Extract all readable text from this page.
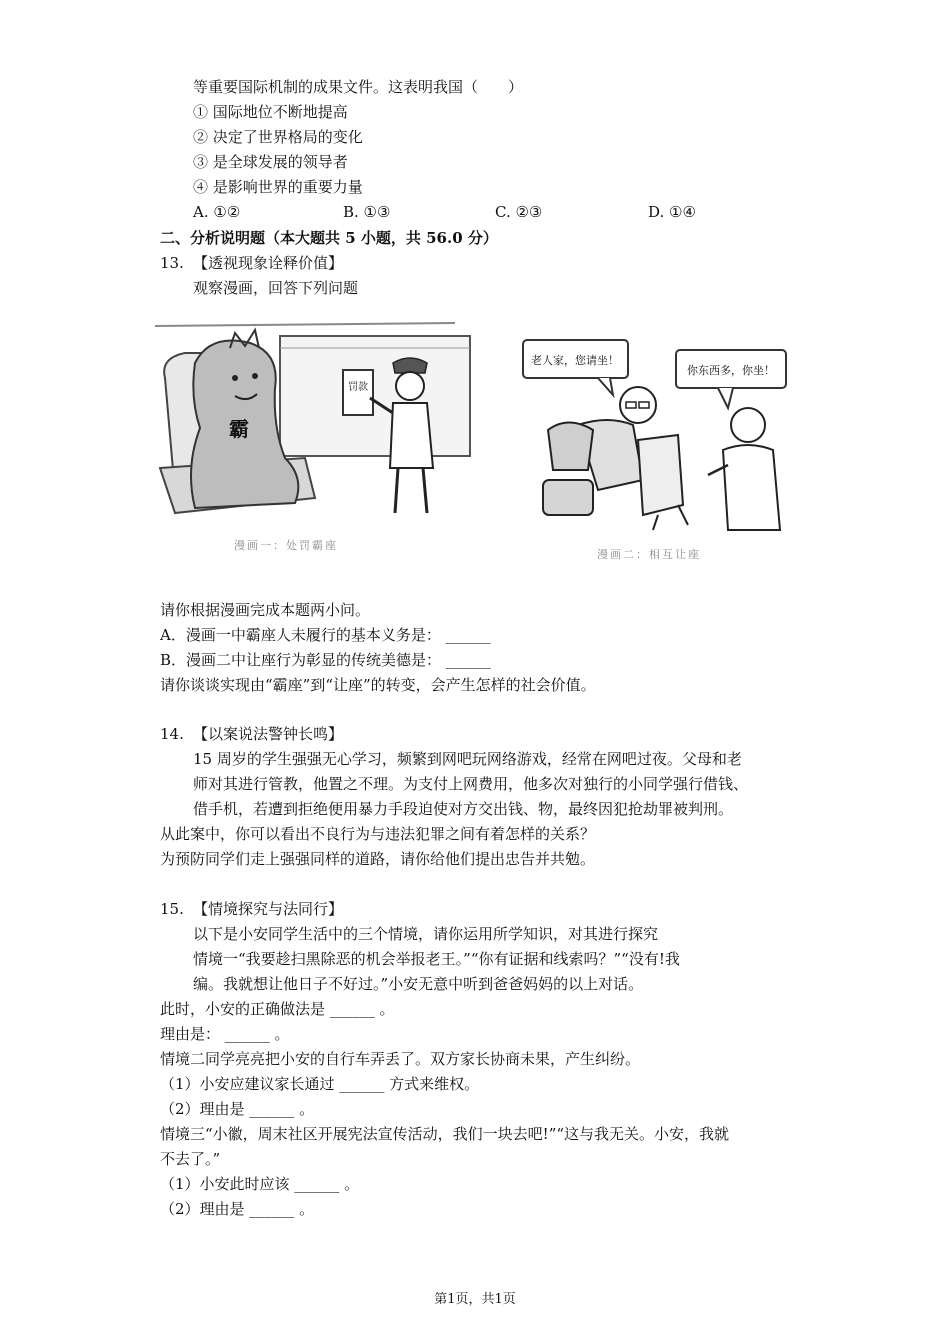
等重要国际机制的成果文件。这表明我国（　　）
① 国际地位不断地提高
② 决定了世界格局的变化
③ 是全球发展的领导者
④ 是影响世界的重要力量
A. ①②	B. ①③	C. ②③	D. ①④
二、分析说明题（本大题共 5 小题，共 56.0 分）
13. 【透视现象诠释价值】
观察漫画，回答下列问题
霸
罚款
漫画一：处罚霸座
老人家，您请坐！
你东西多，你坐！
漫画二：相互让座
请你根据漫画完成本题两小问。
A．漫画一中霸座人未履行的基本义务是： ______
B．漫画二中让座行为彰显的传统美德是： ______
请你谈谈实现由“霸座”到“让座”的转变，会产生怎样的社会价值。
14. 【以案说法警钟长鸣】
15 周岁的学生强强无心学习，频繁到网吧玩网络游戏，经常在网吧过夜。父母和老
师对其进行管教，他置之不理。为支付上网费用，他多次对独行的小同学强行借钱、
借手机，若遭到拒绝便用暴力手段迫使对方交出钱、物，最终因犯抢劫罪被判刑。
从此案中，你可以看出不良行为与违法犯罪之间有着怎样的关系？
为预防同学们走上强强同样的道路，请你给他们提出忠告并共勉。
15. 【情境探究与法同行】
以下是小安同学生活中的三个情境，请你运用所学知识，对其进行探究
情境一“我要趁扫黑除恶的机会举报老王。”“你有证据和线索吗？”“没有!我
编。我就想让他日子不好过。”小安无意中听到爸爸妈妈的以上对话。
此时，小安的正确做法是 ______ 。
理由是： ______ 。
情境二同学亮亮把小安的自行车弄丢了。双方家长协商未果，产生纠纷。
（1）小安应建议家长通过 ______ 方式来维权。
（2）理由是 ______ 。
情境三“小徽，周末社区开展宪法宣传活动，我们一块去吧!”“这与我无关。小安，我就
不去了。”
（1）小安此时应该 ______ 。
（2）理由是 ______ 。
第1页，共1页
